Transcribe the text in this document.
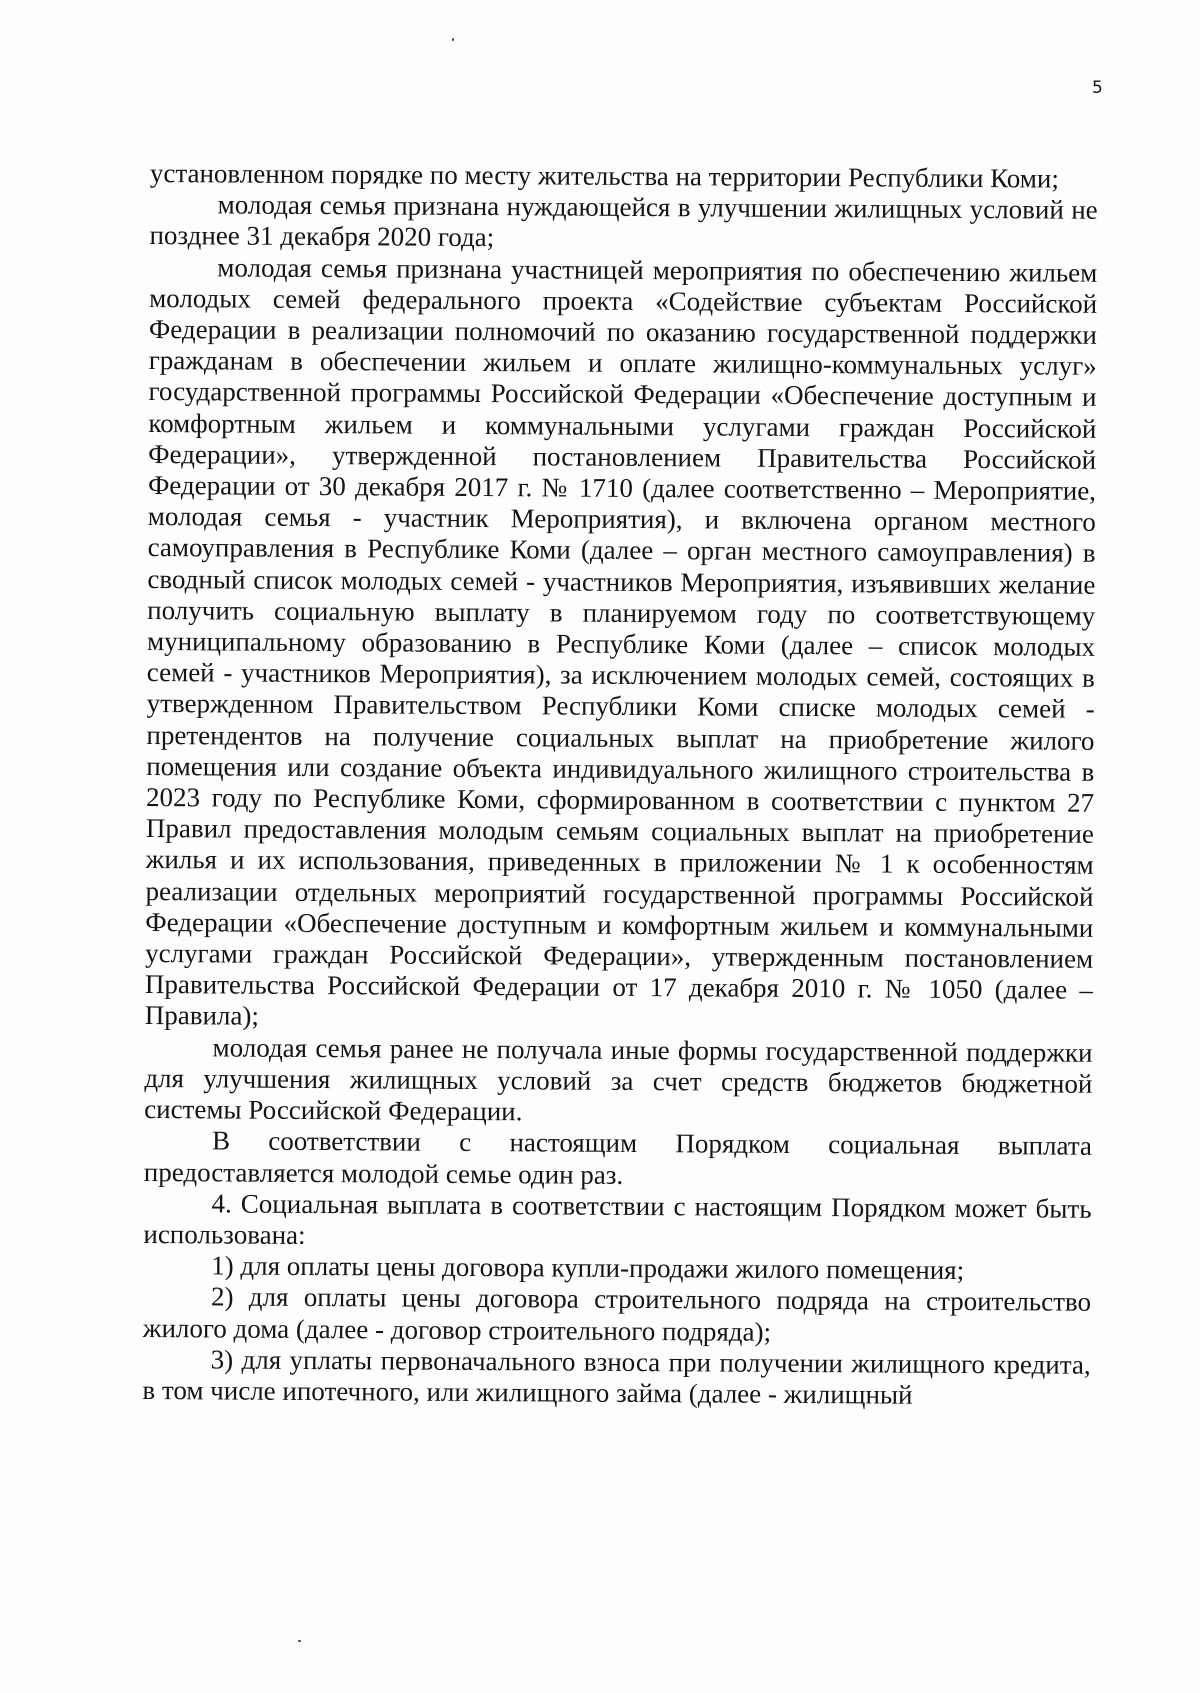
5

установленном порядке по месту жительства на территории Республики Коми;

молодая семья признана нуждающейся в улучшении жилищных условий не позднее 31 декабря 2020 года;

молодая семья признана участницей мероприятия по обеспечению жильем молодых семей федерального проекта «Содействие субъектам Российской Федерации в реализации полномочий по оказанию государственной поддержки гражданам в обеспечении жильем и оплате жилищно-коммунальных услуг» государственной программы Российской Федерации «Обеспечение доступным и комфортным жильем и коммунальными услугами граждан Российской Федерации», утвержденной постановлением Правительства Российской Федерации от 30 декабря 2017 г. № 1710 (далее соответственно – Мероприятие, молодая семья - участник Мероприятия), и включена органом местного самоуправления в Республике Коми (далее – орган местного самоуправления) в сводный список молодых семей - участников Мероприятия, изъявивших желание получить социальную выплату в планируемом году по соответствующему муниципальному образованию в Республике Коми (далее – список молодых семей - участников Мероприятия), за исключением молодых семей, состоящих в утвержденном Правительством Республики Коми списке молодых семей - претендентов на получение социальных выплат на приобретение жилого помещения или создание объекта индивидуального жилищного строительства в 2023 году по Республике Коми, сформированном в соответствии с пунктом 27 Правил предоставления молодым семьям социальных выплат на приобретение жилья и их использования, приведенных в приложении № 1 к особенностям реализации отдельных мероприятий государственной программы Российской Федерации «Обеспечение доступным и комфортным жильем и коммунальными услугами граждан Российской Федерации», утвержденным постановлением Правительства Российской Федерации от 17 декабря 2010 г. № 1050 (далее – Правила);

молодая семья ранее не получала иные формы государственной поддержки для улучшения жилищных условий за счет средств бюджетов бюджетной системы Российской Федерации.

В соответствии с настоящим Порядком социальная выплата предоставляется молодой семье один раз.

4. Социальная выплата в соответствии с настоящим Порядком может быть использована:

1) для оплаты цены договора купли-продажи жилого помещения;

2) для оплаты цены договора строительного подряда на строительство жилого дома (далее - договор строительного подряда);

3) для уплаты первоначального взноса при получении жилищного кредита, в том числе ипотечного, или жилищного займа (далее - жилищный
